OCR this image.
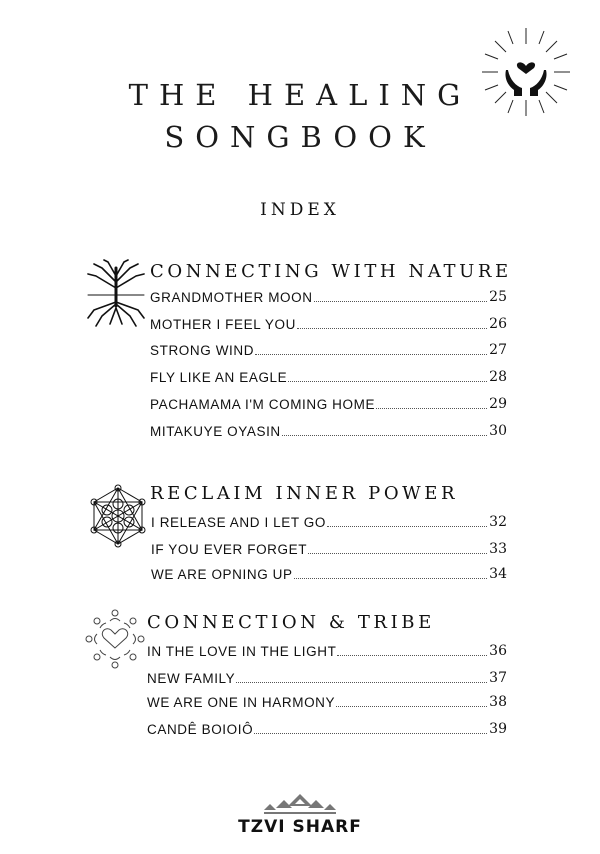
THE HEALING
SONGBOOK
INDEX
CONNECTING WITH NATURE
GRANDMOTHER MOON	25
MOTHER I FEEL YOU	26
STRONG WIND	27
FLY LIKE AN EAGLE	28
PACHAMAMA I'M COMING HOME	29
MITAKUYE OYASIN	30
RECLAIM INNER POWER
I RELEASE AND I LET GO	32
IF YOU EVER FORGET	33
WE ARE OPNING UP	34
CONNECTION & TRIBE
IN THE LOVE IN THE LIGHT	36
NEW FAMILY	37
WE ARE ONE IN HARMONY	38
CANDÊ BOIOIÔ	39
TZVI SHARF
